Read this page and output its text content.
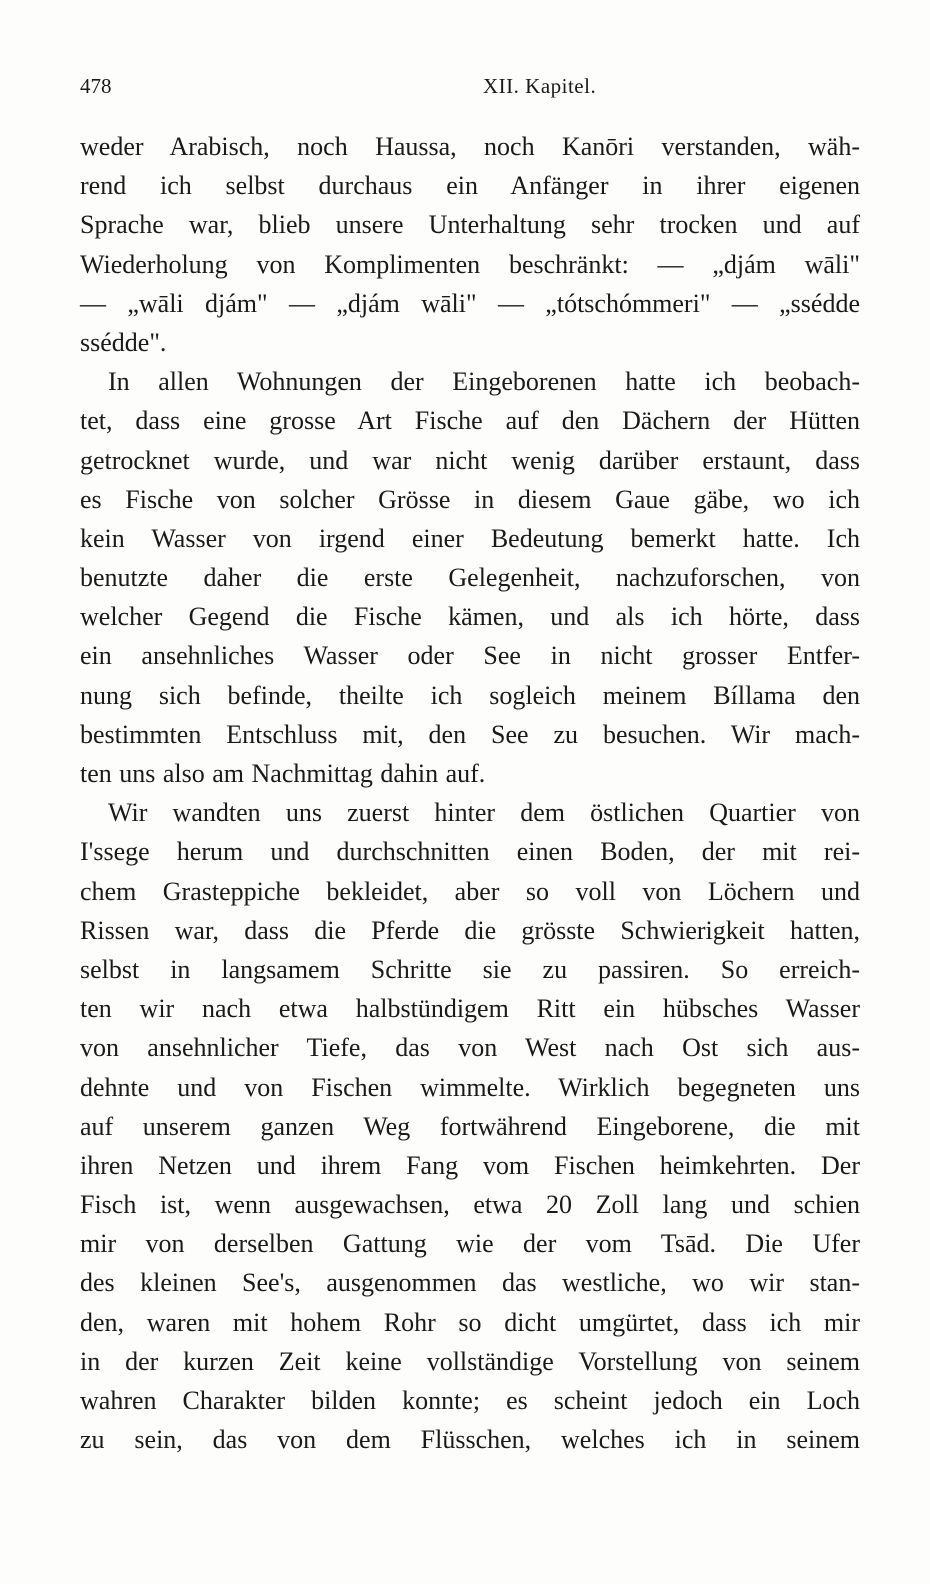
478	XII. Kapitel.
weder Arabisch, noch Haussa, noch Kanōri verstanden, wäh-
rend ich selbst durchaus ein Anfänger in ihrer eigenen
Sprache war, blieb unsere Unterhaltung sehr trocken und auf
Wiederholung von Komplimenten beschränkt: — „djám wāli"
— „wāli djám" — „djám wāli" — „tótschómmeri" — „ssédde
ssédde".
In allen Wohnungen der Eingeborenen hatte ich beobach-
tet, dass eine grosse Art Fische auf den Dächern der Hütten
getrocknet wurde, und war nicht wenig darüber erstaunt, dass
es Fische von solcher Grösse in diesem Gaue gäbe, wo ich
kein Wasser von irgend einer Bedeutung bemerkt hatte. Ich
benutzte daher die erste Gelegenheit, nachzuforschen, von
welcher Gegend die Fische kämen, und als ich hörte, dass
ein ansehnliches Wasser oder See in nicht grosser Entfer-
nung sich befinde, theilte ich sogleich meinem Bíllama den
bestimmten Entschluss mit, den See zu besuchen. Wir mach-
ten uns also am Nachmittag dahin auf.
Wir wandten uns zuerst hinter dem östlichen Quartier von
I'ssege herum und durchschnitten einen Boden, der mit rei-
chem Grasteppiche bekleidet, aber so voll von Löchern und
Rissen war, dass die Pferde die grösste Schwierigkeit hatten,
selbst in langsamem Schritte sie zu passiren. So erreich-
ten wir nach etwa halbstündigem Ritt ein hübsches Wasser
von ansehnlicher Tiefe, das von West nach Ost sich aus-
dehnte und von Fischen wimmelte. Wirklich begegneten uns
auf unserem ganzen Weg fortwährend Eingeborene, die mit
ihren Netzen und ihrem Fang vom Fischen heimkehrten. Der
Fisch ist, wenn ausgewachsen, etwa 20 Zoll lang und schien
mir von derselben Gattung wie der vom Tsād. Die Ufer
des kleinen See's, ausgenommen das westliche, wo wir stan-
den, waren mit hohem Rohr so dicht umgürtet, dass ich mir
in der kurzen Zeit keine vollständige Vorstellung von seinem
wahren Charakter bilden konnte; es scheint jedoch ein Loch
zu sein, das von dem Flüsschen, welches ich in seinem
